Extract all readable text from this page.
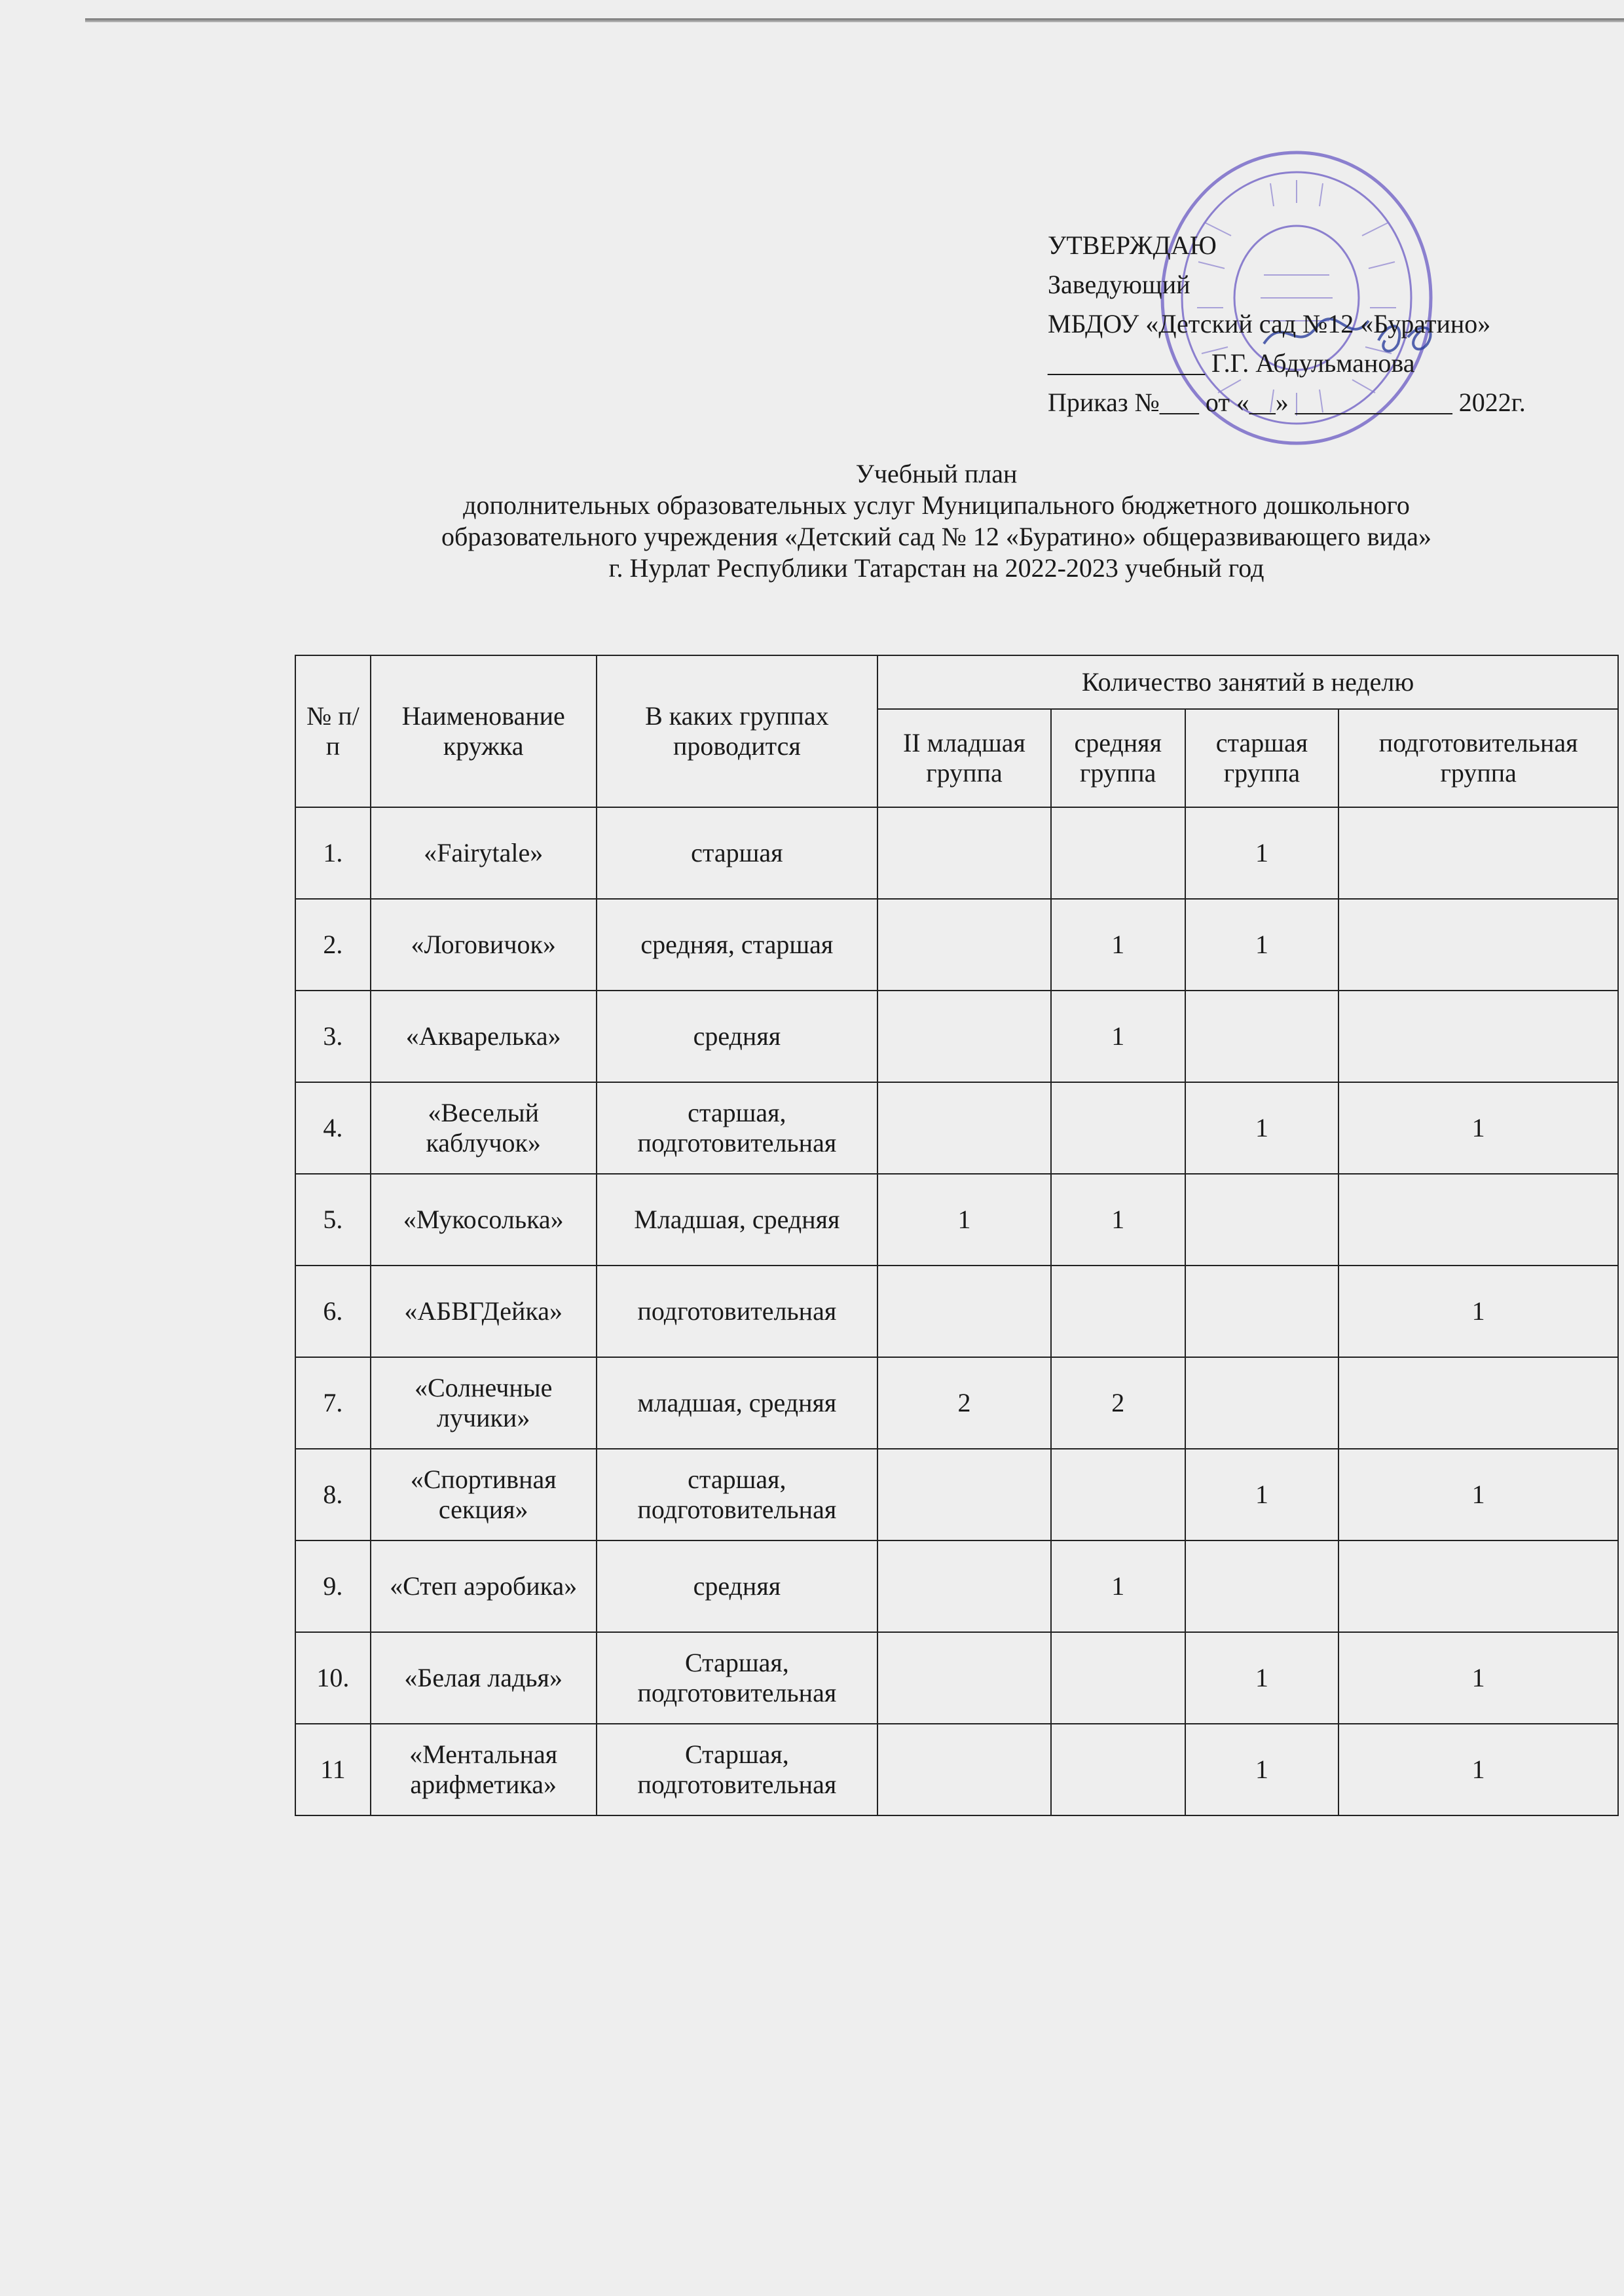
УТВЕРЖДАЮ
Заведующий
МБДОУ «Детский сад №12 «Буратино»
____________ Г.Г. Абдульманова
Приказ №___ от «__» ____________ 2022г.
Учебный план
дополнительных образовательных услуг Муниципального бюджетного дошкольного
образовательного учреждения «Детский сад № 12 «Буратино» общеразвивающего вида»
г. Нурлат Республики Татарстан на 2022-2023 учебный год
№ п/п	Наименование кружка	В каких группах проводится	Количество занятий в неделю			
			II младшая группа	средняя группа	старшая группа	подготовительная группа
1.	«Fairytale»	старшая			1	
2.	«Логовичок»	средняя, старшая		1	1	
3.	«Акварелька»	средняя		1		
4.	«Веселый каблучок»	старшая, подготовительная			1	1
5.	«Мукосолька»	Младшая, средняя	1	1		
6.	«АБВГДейка»	подготовительная				1
7.	«Солнечные лучики»	младшая, средняя	2	2		
8.	«Спортивная секция»	старшая, подготовительная			1	1
9.	«Степ аэробика»	средняя		1		
10.	«Белая ладья»	Старшая, подготовительная			1	1
11	«Ментальная арифметика»	Старшая, подготовительная			1	1
